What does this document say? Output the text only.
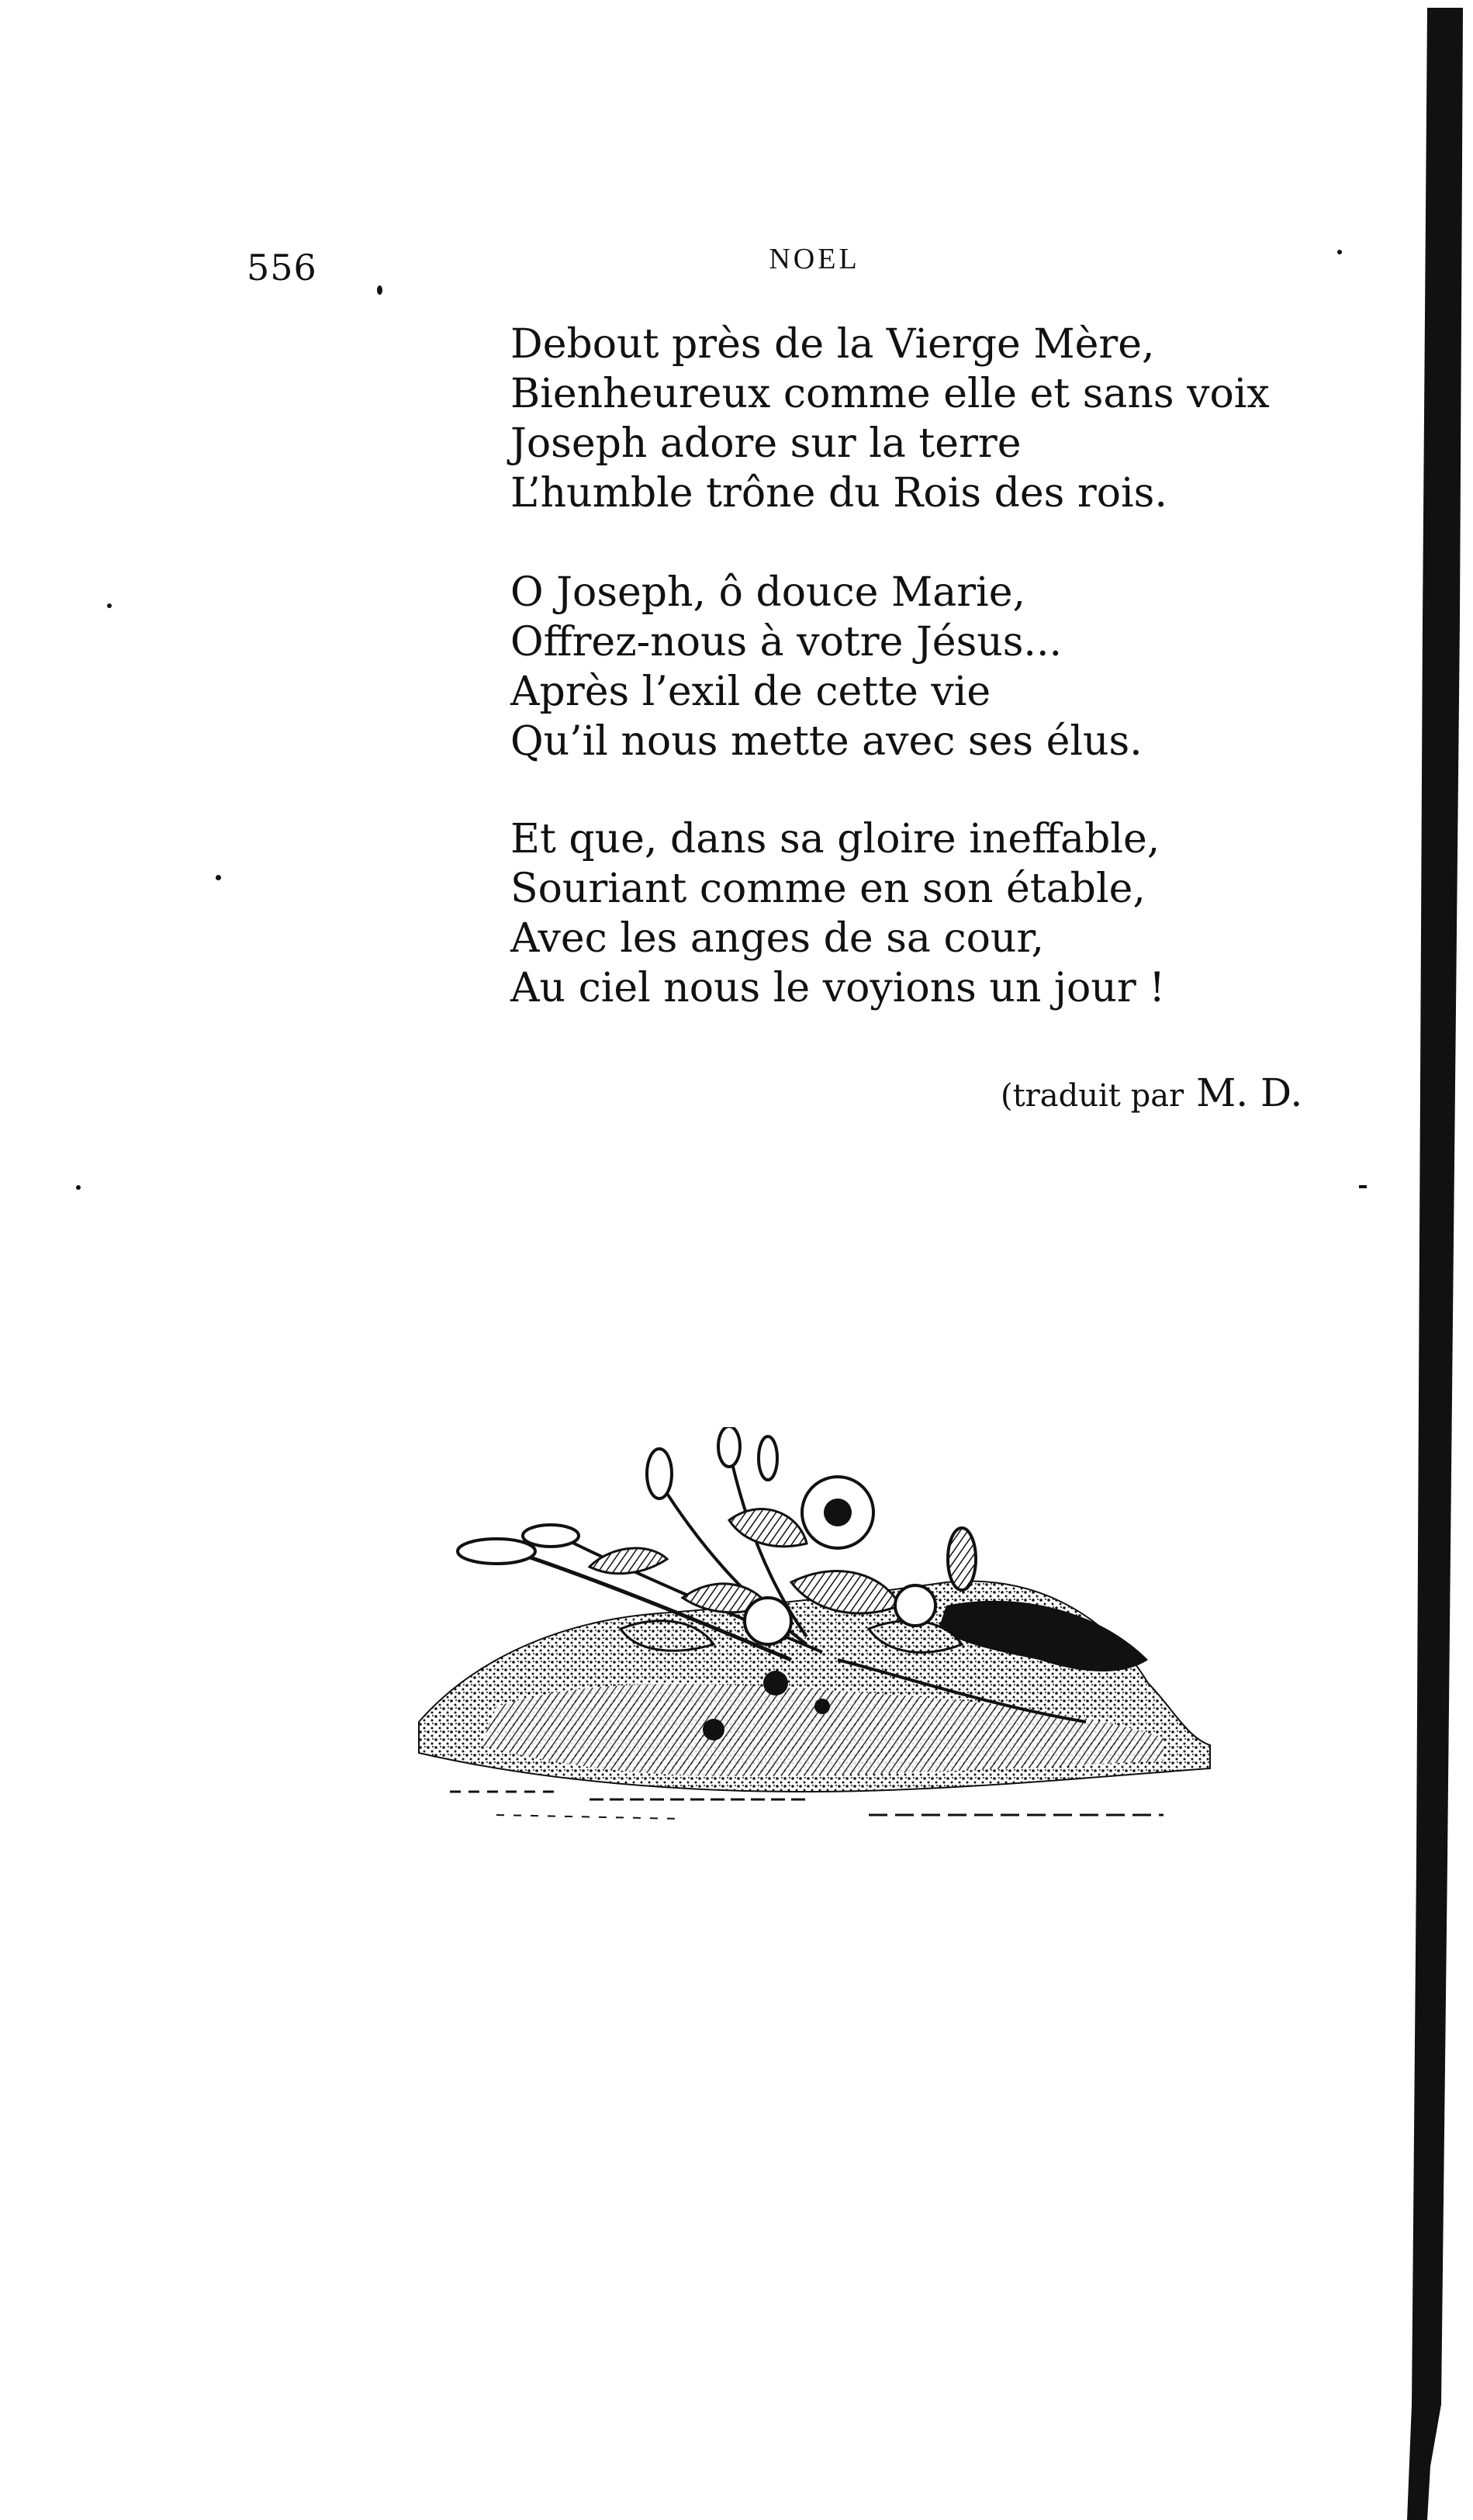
556	NOEL
Debout près de la Vierge Mère,
Bienheureux comme elle et sans voix
Joseph adore sur la terre
L’humble trône du Rois des rois.
O Joseph, ô douce Marie,
Offrez-nous à votre Jésus...
Après l’exil de cette vie
Qu’il nous mette avec ses élus.
Et que, dans sa gloire ineffable,
Souriant comme en son étable,
Avec les anges de sa cour,
Au ciel nous le voyions un jour !
(traduit par M. D.
